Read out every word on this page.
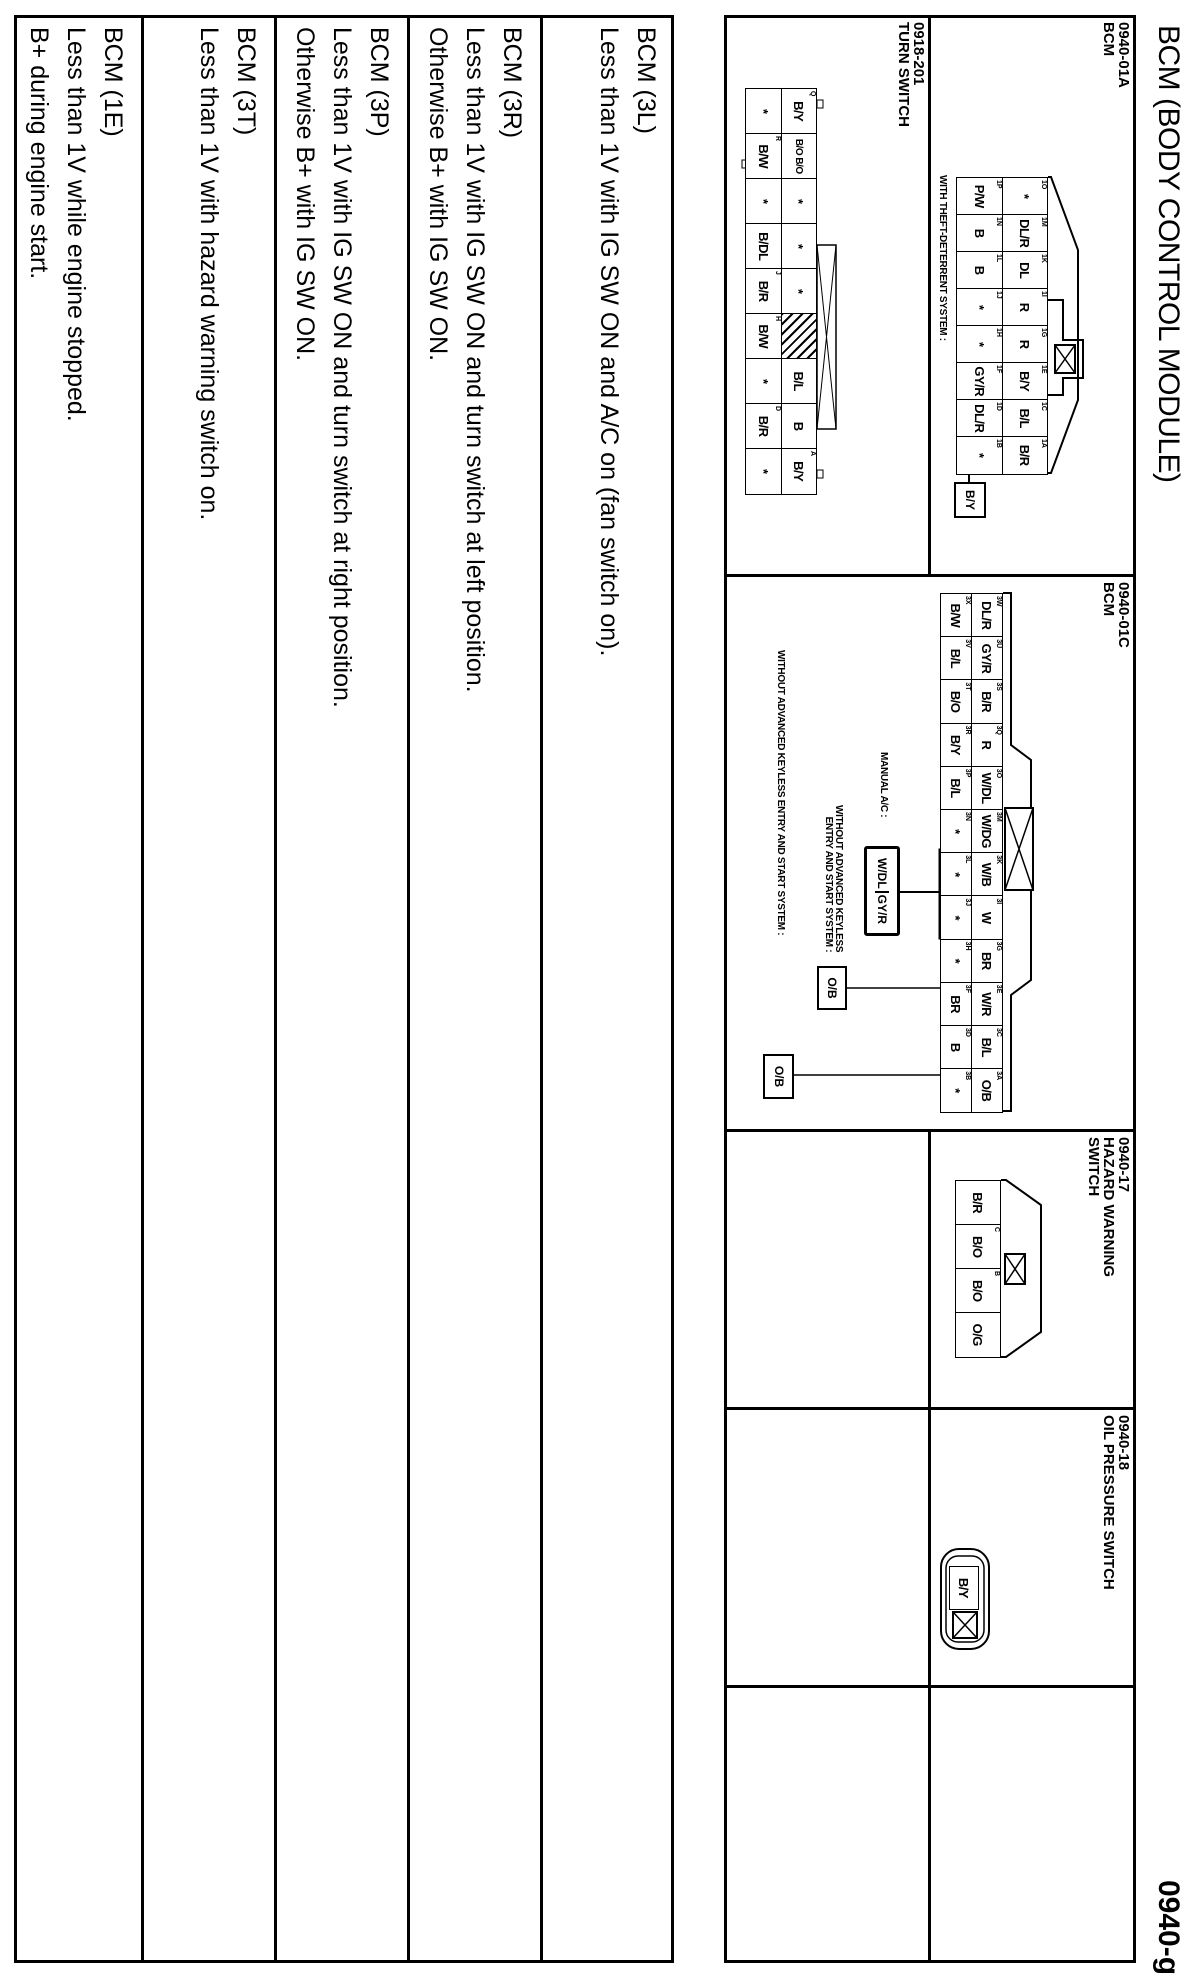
BCM (BODY CONTROL MODULE)
0940-g
0940-01A
BCM
1O
*
1M
DL/R
1K
DL
1I
R
1G
R
1E
B/Y
1C
B/L
1A
B/R
1P
P/W
1N
B
1L
B
1J
*
1H
*
1F
GY/R
1D
DL/R
1B
*
WITH THEFT-DETERRENT SYSTEM :
B/Y
0918-201
TURN SWITCH
Q
B/Y
B/O B/O
*
*
*
B/L
B
A
B/Y
*
R
B/W
*
B/DL
J
B/R
H
B/W
*
D
B/R
*
0940-01C
BCM
3W
DL/R
3U
GY/R
3S
B/R
3Q
R
3O
W/DL
3M
W/DG
3K
W/B
3I
W
3G
BR
3E
W/R
3C
B/L
3A
O/B
3X
B/W
3V
B/L
3T
B/O
3R
B/Y
3P
B/L
3N
*
3L
*
3J
*
3H
*
3F
BR
3D
B
3B
*
MANUAL A/C :
W/DLGY/R
WITHOUT ADVANCED KEYLESS
ENTRY AND START SYSTEM :
O/B
WITHOUT ADVANCED KEYLESS ENTRY AND START SYSTEM :
O/B
0940-17
HAZARD WARNING
SWITCH
B/R
C
B/O
B
B/O
O/G
0940-18
OIL PRESSURE SWITCH
B/Y
BCM (3L)
Less than 1V with IG SW ON and A/C on (fan switch on).
BCM (3R)
Less than 1V with IG SW ON and turn switch at left position.
Otherwise B+ with IG SW ON.
BCM (3P)
Less than 1V with IG SW ON and turn switch at right position.
Otherwise B+ with IG SW ON.
BCM (3T)
Less than 1V with hazard warning switch on.
BCM (1E)
Less than 1V while engine stopped.
B+ during engine start.
